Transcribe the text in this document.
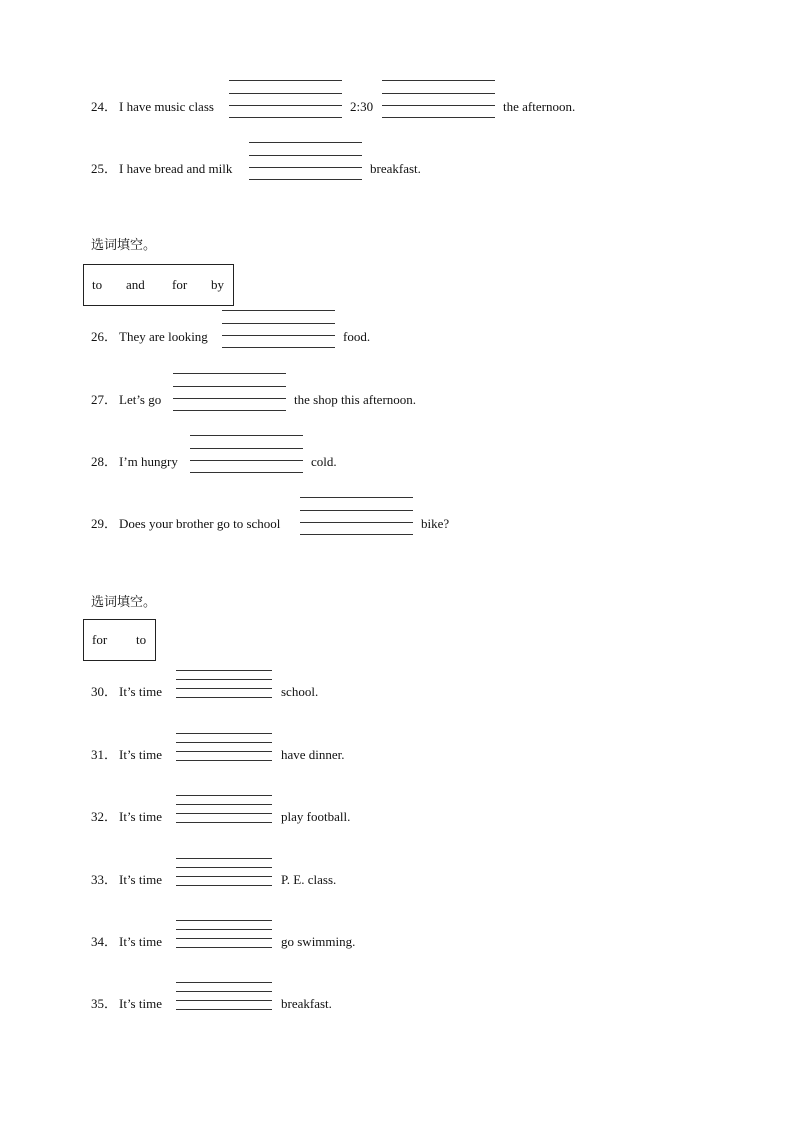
24． I have music class	2:30	the afternoon.
25． I have bread and milk	breakfast.
选词填空。
to and for by
26． They are looking	food.
27． Let’s go	the shop this afternoon.
28． I’m hungry	cold.
29． Does your brother go to school	bike?
选词填空。
for to
30． It’s time	school.
31． It’s time	have dinner.
32． It’s time	play football.
33． It’s time	P. E. class.
34． It’s time	go swimming.
35． It’s time	breakfast.
